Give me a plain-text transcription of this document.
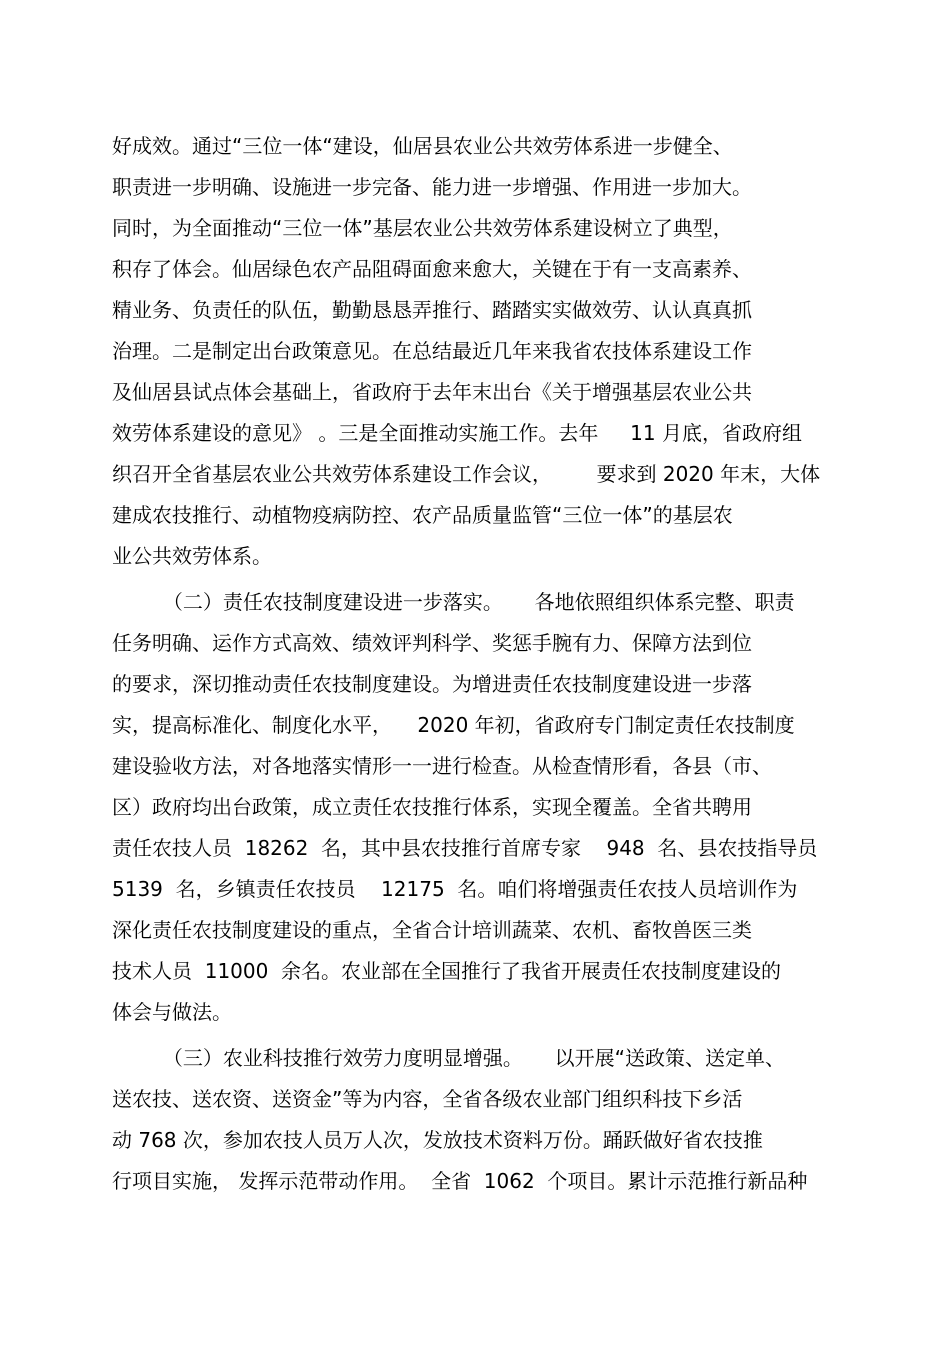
好成效。通过“三位一体“建设，仙居县农业公共效劳体系进一步健全、
职责进一步明确、设施进一步完备、能力进一步增强、作用进一步加大。
同时，为全面推动“三位一体”基层农业公共效劳体系建设树立了典型，
积存了体会。仙居绿色农产品阻碍面愈来愈大，关键在于有一支高素养、
精业务、负责任的队伍，勤勤恳恳弄推行、踏踏实实做效劳、认认真真抓
治理。二是制定出台政策意见。在总结最近几年来我省农技体系建设工作
及仙居县试点体会基础上，省政府于去年末出台《关于增强基层农业公共
效劳体系建设的意见》 。三是全面推动实施工作。去年     11 月底，省政府组
织召开全省基层农业公共效劳体系建设工作会议，       要求到 2020 年末，大体
建成农技推行、动植物疫病防控、农产品质量监管“三位一体”的基层农
业公共效劳体系。
（二）责任农技制度建设进一步落实。     各地依照组织体系完整、职责
任务明确、运作方式高效、绩效评判科学、奖惩手腕有力、保障方法到位
的要求，深切推动责任农技制度建设。为增进责任农技制度建设进一步落
实，提高标准化、制度化水平，    2020 年初，省政府专门制定责任农技制度
建设验收方法，对各地落实情形一一进行检查。从检查情形看，各县（市、
区）政府均出台政策，成立责任农技推行体系，实现全覆盖。全省共聘用
责任农技人员  18262  名，其中县农技推行首席专家    948  名、县农技指导员
5139  名，乡镇责任农技员    12175  名。咱们将增强责任农技人员培训作为
深化责任农技制度建设的重点，全省合计培训蔬菜、农机、畜牧兽医三类
技术人员  11000  余名。农业部在全国推行了我省开展责任农技制度建设的
体会与做法。
（三）农业科技推行效劳力度明显增强。     以开展“送政策、送定单、
送农技、送农资、送资金”等为内容，全省各级农业部门组织科技下乡活
动 768 次，参加农技人员万人次，发放技术资料万份。踊跃做好省农技推
行项目实施， 发挥示范带动作用。  全省  1062  个项目。累计示范推行新品种
